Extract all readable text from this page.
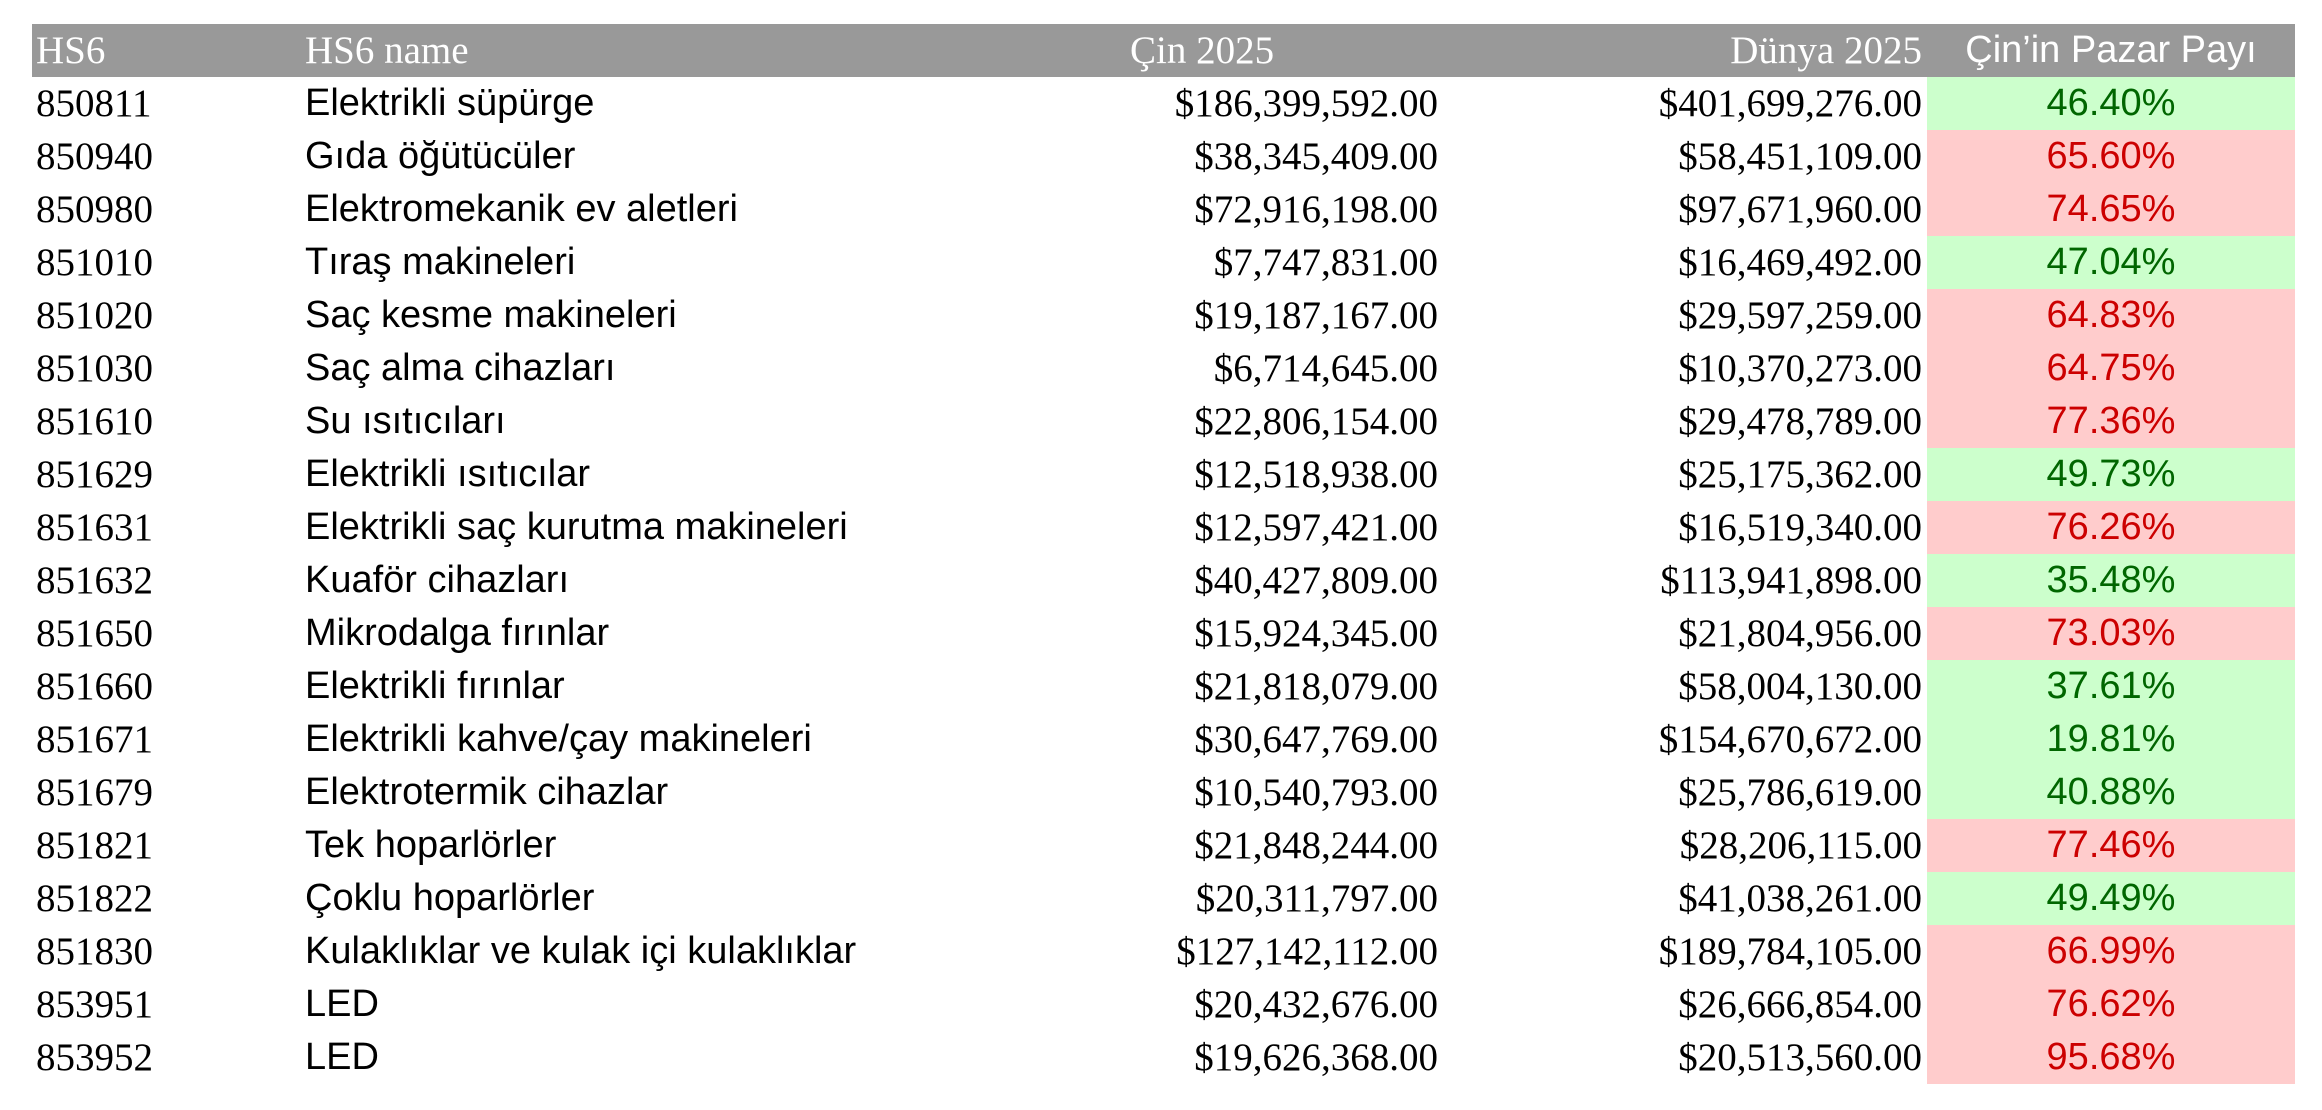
HS6	HS6 name	Çin 2025	Dünya 2025	Çin’in Pazar Payı
850811	Elektrikli süpürge	$186,399,592.00	$401,699,276.00	46.40%
850940	Gıda öğütücüler	$38,345,409.00	$58,451,109.00	65.60%
850980	Elektromekanik ev aletleri	$72,916,198.00	$97,671,960.00	74.65%
851010	Tıraş makineleri	$7,747,831.00	$16,469,492.00	47.04%
851020	Saç kesme makineleri	$19,187,167.00	$29,597,259.00	64.83%
851030	Saç alma cihazları	$6,714,645.00	$10,370,273.00	64.75%
851610	Su ısıtıcıları	$22,806,154.00	$29,478,789.00	77.36%
851629	Elektrikli ısıtıcılar	$12,518,938.00	$25,175,362.00	49.73%
851631	Elektrikli saç kurutma makineleri	$12,597,421.00	$16,519,340.00	76.26%
851632	Kuaför cihazları	$40,427,809.00	$113,941,898.00	35.48%
851650	Mikrodalga fırınlar	$15,924,345.00	$21,804,956.00	73.03%
851660	Elektrikli fırınlar	$21,818,079.00	$58,004,130.00	37.61%
851671	Elektrikli kahve/çay makineleri	$30,647,769.00	$154,670,672.00	19.81%
851679	Elektrotermik cihazlar	$10,540,793.00	$25,786,619.00	40.88%
851821	Tek hoparlörler	$21,848,244.00	$28,206,115.00	77.46%
851822	Çoklu hoparlörler	$20,311,797.00	$41,038,261.00	49.49%
851830	Kulaklıklar ve kulak içi kulaklıklar	$127,142,112.00	$189,784,105.00	66.99%
853951	LED	$20,432,676.00	$26,666,854.00	76.62%
853952	LED	$19,626,368.00	$20,513,560.00	95.68%
